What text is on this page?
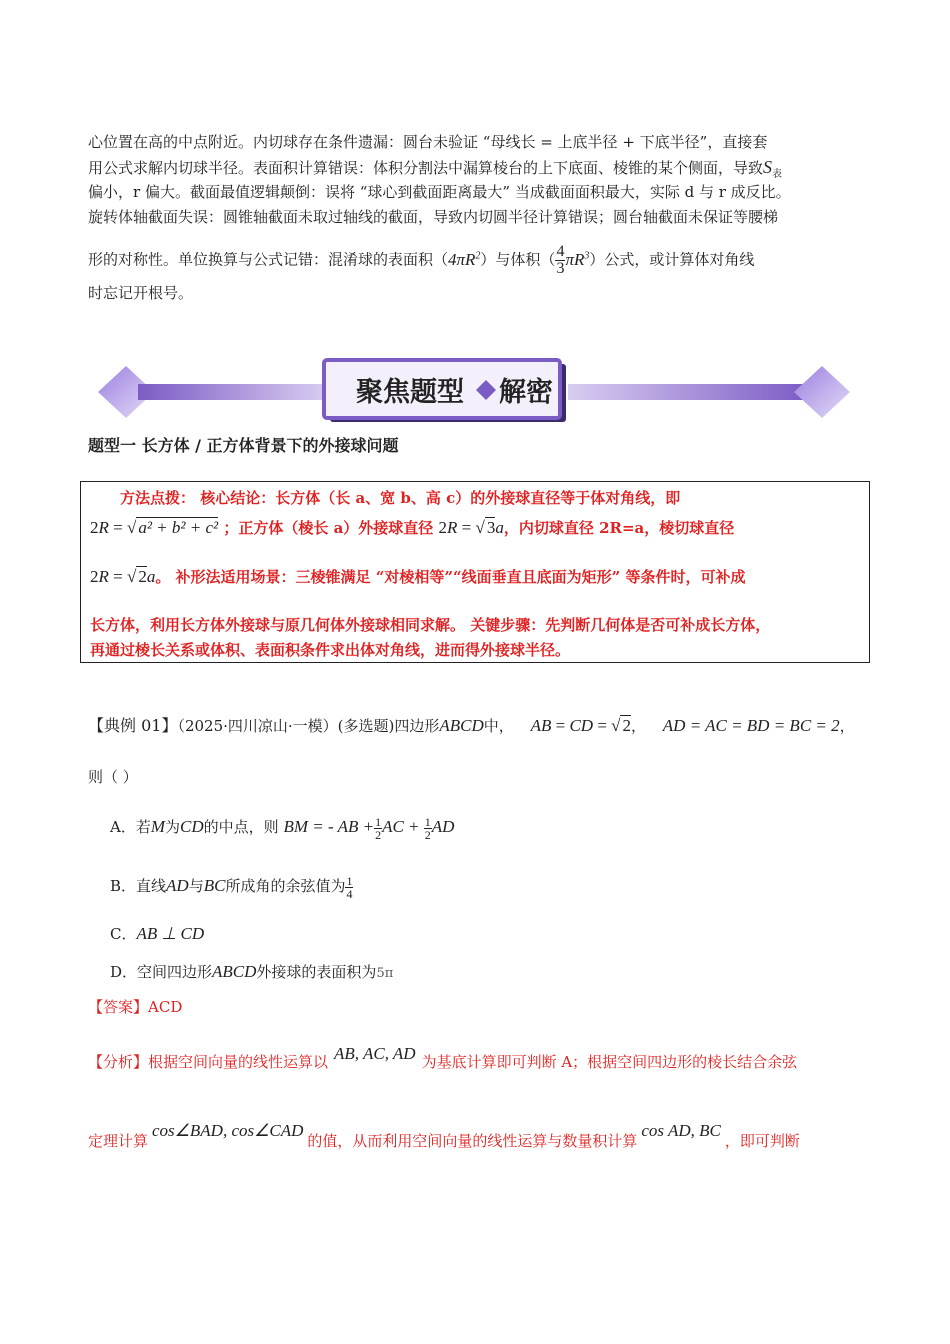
心位置在高的中点附近。内切球存在条件遗漏：圆台未验证 “母线长 = 上底半径 + 下底半径”，直接套
用公式求解内切球半径。表面积计算错误：体积分割法中漏算棱台的上下底面、棱锥的某个侧面，导致$S_表$
偏小，r 偏大。截面最值逻辑颠倒：误将 “球心到截面距离最大” 当成截面面积最大，实际 d 与 r 成反比。
旋转体轴截面失误：圆锥轴截面未取过轴线的截面，导致内切圆半径计算错误；圆台轴截面未保证等腰梯
形的对称性。单位换算与公式记错：混淆球的表面积$(4\pi R^2)$与体积（ $\frac{4}{3} \pi R^3$）公式，或计算体对角线
时忘记开根号。
聚焦题型 解密
题型一 长方体 / 正方体背景下的外接球问题
方法点拨： 核心结论：长方体（长 a、宽 b、高 c）的外接球直径等于体对角线，即
2R = √ a² + b² + c² ；正方体（棱长 a）外接球直径 2R = √ 3a，内切球直径 2R=a，棱切球直径
2R = √ 2a。 补形法适用场景：三棱锥满足 “对棱相等”“线面垂直且底面为矩形” 等条件时，可补成
长方体，利用长方体外接球与原几何体外接球相同求解。 关键步骤：先判断几何体是否可补成长方体，
再通过棱长关系或体积、表面积条件求出体对角线，进而得外接球半径。
【典例 01】（2025·四川凉山·一模）(多选题)四边形ABCD中， AB = CD = √ 2， AD = AC = BD = BC = 2，
则（ ）
A．若M为CD的中点，则 BM = - AB + $\frac{1}{2}$ AC + $\frac{1}{2}$ AD
B．直线AD与BC所成角的余弦值为 $\frac{1}{4}$
C．AB ⊥ CD
D．空间四边形ABCD外接球的表面积为5π
【答案】ACD
【分析】根据空间向量的线性运算以 AB, AC, AD 为基底计算即可判断 A；根据空间四边形的棱长结合余弦
定理计算cos∠BAD, cos∠CAD的值，从而利用空间向量的线性运算与数量积计算cos AD, BC，即可判断
